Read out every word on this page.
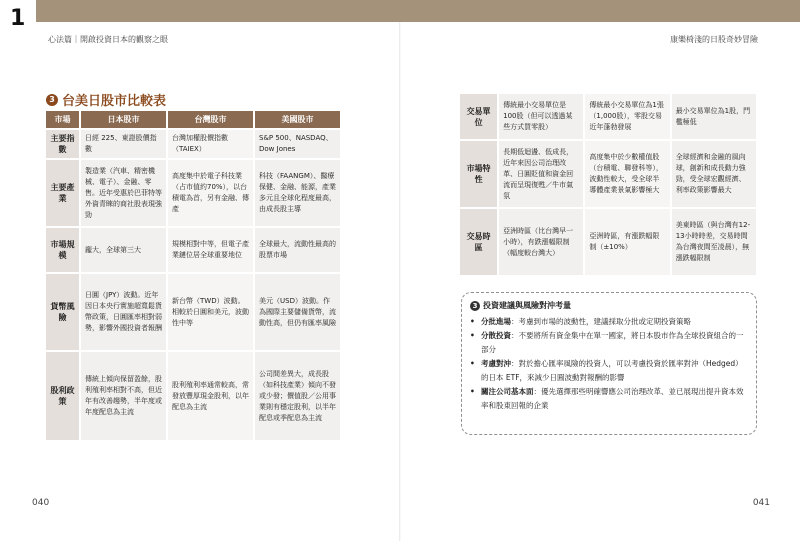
1
心法篇｜開啟投資日本的觀察之眼	康樂椅淺的日股奇妙冒險
3 台美日股市比較表
市場	日本股市	台灣股市	美國股市
主要指數	日經 225、東證股價指數	台灣加權股價指數（TAIEX）	S&P 500、NASDAQ、Dow Jones
主要產業	製造業（汽車、精密機械、電子）、金融、零售。近年受惠於巴菲特等外資青睞的商社股表現強勁	高度集中於電子科技業（占市值約70%），以台積電為首，另有金融、傳產	科技（FAANGM）、醫療保健、金融、能源，產業多元且全球化程度最高，由成長股主導
市場規模	龐大，全球第三大	規模相對中等，但電子產業鏈位居全球重要地位	全球最大，流動性最高的股票市場
貨幣風險	日圓（JPY）波動。近年因日本央行實施超寬鬆貨幣政策，日圓匯率相對弱勢，影響外國投資者報酬	新台幣（TWD）波動。相較於日圓和美元，波動性中等	美元（USD）波動。作為國際主要儲備貨幣，流動性高，但仍有匯率風險
股利政策	傳統上傾向保留盈餘，股利殖利率相對不高，但近年有改善趨勢，半年度或年度配息為主流	股利殖利率通常較高，常發放豐厚現金股利，以年配息為主流	公司間差異大，成長股（如科技產業）傾向不發或少發；價值股／公用事業則有穩定股利，以半年配息或季配息為主流
交易單位	傳統最小交易單位是100股（但可以透過某些方式買零股）	傳統最小交易單位為1張（1,000股），零股交易近年蓬勃發展	最小交易單位為1股，門檻極低
市場特性	長期低迴盪、低成長，近年來因公司治理改革、日圓貶值和資金回流而呈現復甦／牛市氣氛	高度集中於少數權值股（台積電、聯發科等），波動性較大，受全球半導體產業景氣影響極大	全球經濟和金融的風向球，創新和成長動力強勁，受全球宏觀經濟、利率政策影響最大
交易時區	亞洲時區（比台灣早一小時），有跌漲幅限制（幅度較台灣大）	亞洲時區，有漲跌幅限制（±10%）	美東時區（與台灣有12-13小時時差，交易時間為台灣夜間至凌晨），無漲跌幅限制
3 投資建議與風險對沖考量
• 分批進場：考慮到市場的波動性，建議採取分批或定期投資策略
• 分散投資：不要將所有資金集中在單一國家，將日本股市作為全球投資組合的一部分
• 考慮對沖：對於擔心匯率風險的投資人，可以考慮投資於匯率對沖（Hedged）的日本 ETF，來減少日圓波動對報酬的影響
• 關注公司基本面：優先選擇那些明確響應公司治理改革、並已展現出提升資本效率和股東回報的企業
040	041
